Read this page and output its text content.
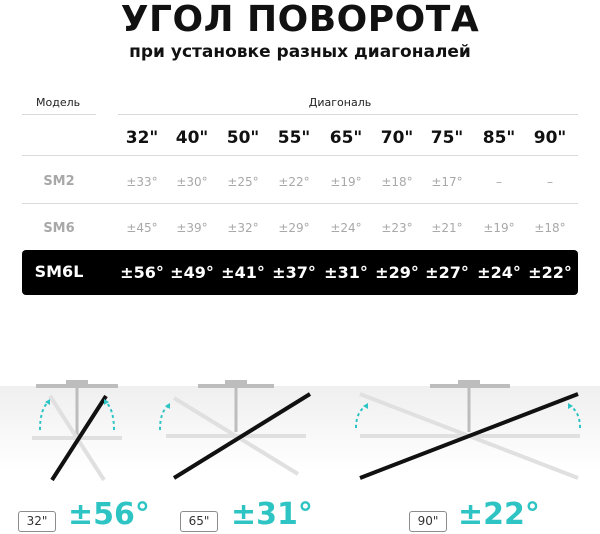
УГОЛ ПОВОРОТА
при установке разных диагоналей
Модель	Диагональ
32"	40"	50"	55"	65"	70"	75"	85"	90"
SM2	±33°	±30°	±25°	±22°	±19°	±18°	±17°	–	–
SM6	±45°	±39°	±32°	±29°	±24°	±23°	±21°	±19°	±18°
SM6L	±56° ±49° ±41° ±37° ±31° ±29° ±27° ±24° ±22°
32" ±56°	65" ±31°	90" ±22°
